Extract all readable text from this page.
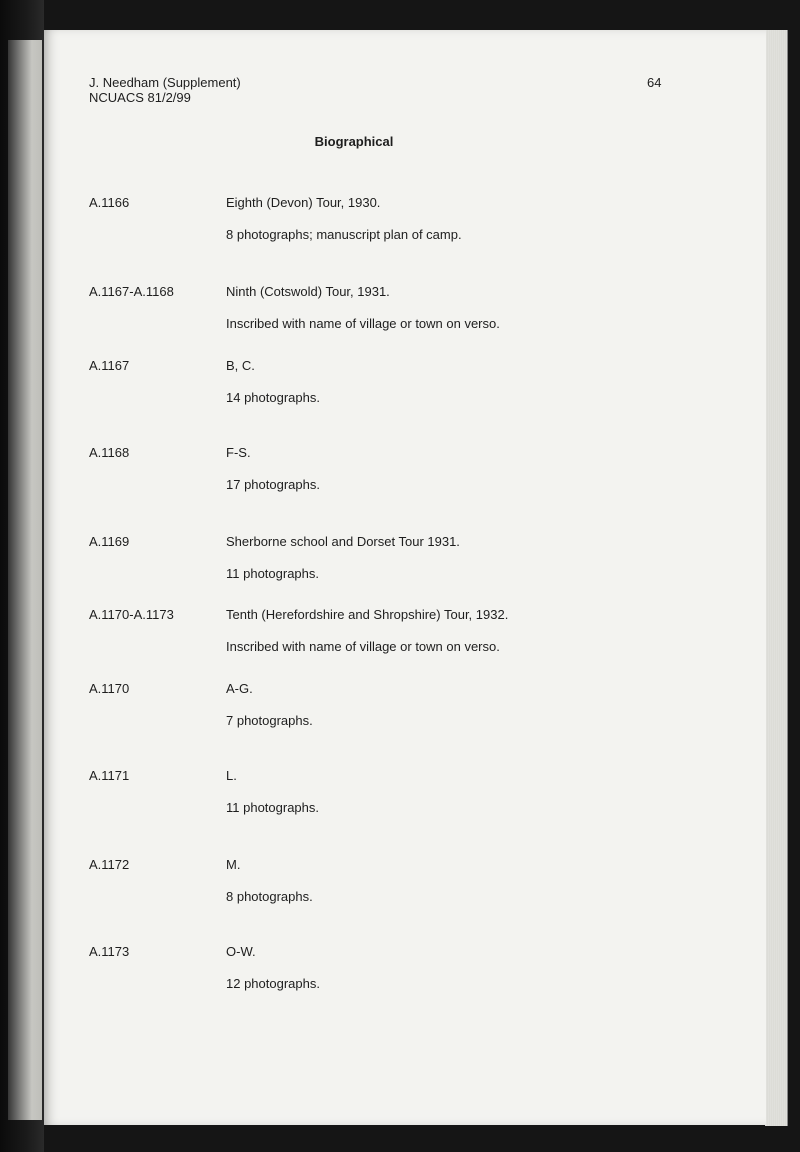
J. Needham (Supplement)
NCUACS 81/2/99
64
Biographical
A.1166	Eighth (Devon) Tour, 1930.
8 photographs; manuscript plan of camp.
A.1167-A.1168	Ninth (Cotswold) Tour, 1931.
Inscribed with name of village or town on verso.
A.1167	B, C.
14 photographs.
A.1168	F-S.
17 photographs.
A.1169	Sherborne school and Dorset Tour 1931.
11 photographs.
A.1170-A.1173	Tenth (Herefordshire and Shropshire) Tour, 1932.
Inscribed with name of village or town on verso.
A.1170	A-G.
7 photographs.
A.1171	L.
11 photographs.
A.1172	M.
8 photographs.
A.1173	O-W.
12 photographs.
